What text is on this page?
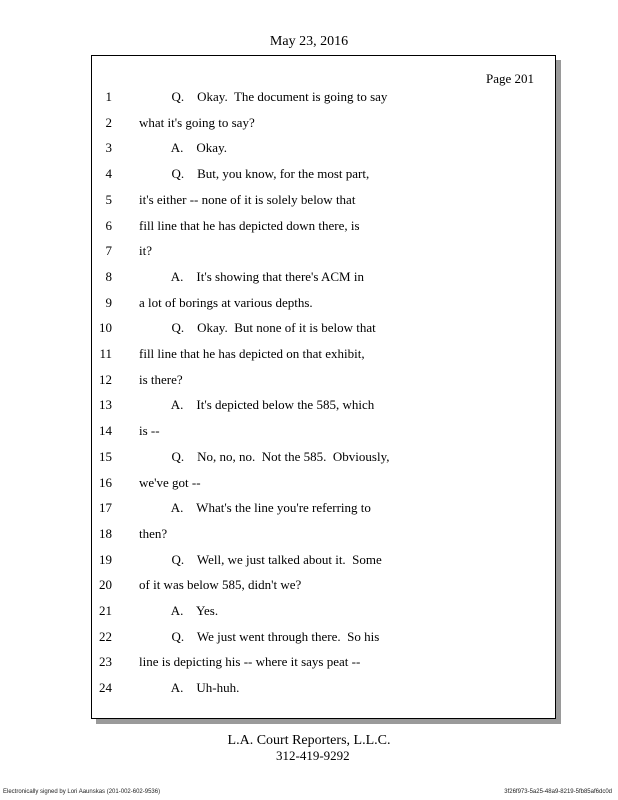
May 23, 2016
Page 201
1 Q.    Okay.  The document is going to say
2 what it's going to say?
3 A.    Okay.
4 Q.    But, you know, for the most part,
5 it's either -- none of it is solely below that
6 fill line that he has depicted down there, is
7 it?
8 A.    It's showing that there's ACM in
9 a lot of borings at various depths.
10 Q.    Okay.  But none of it is below that
11 fill line that he has depicted on that exhibit,
12 is there?
13 A.    It's depicted below the 585, which
14 is --
15 Q.    No, no, no.  Not the 585.  Obviously,
16 we've got --
17 A.    What's the line you're referring to
18 then?
19 Q.    Well, we just talked about it.  Some
20 of it was below 585, didn't we?
21 A.    Yes.
22 Q.    We just went through there.  So his
23 line is depicting his -- where it says peat --
24 A.    Uh-huh.
L.A. Court Reporters, L.L.C.
312-419-9292
Electronically signed by Lori Aaunskas (201-002-602-9536)	3f26f973-5a25-48a9-8219-5fb85af6dc0d
